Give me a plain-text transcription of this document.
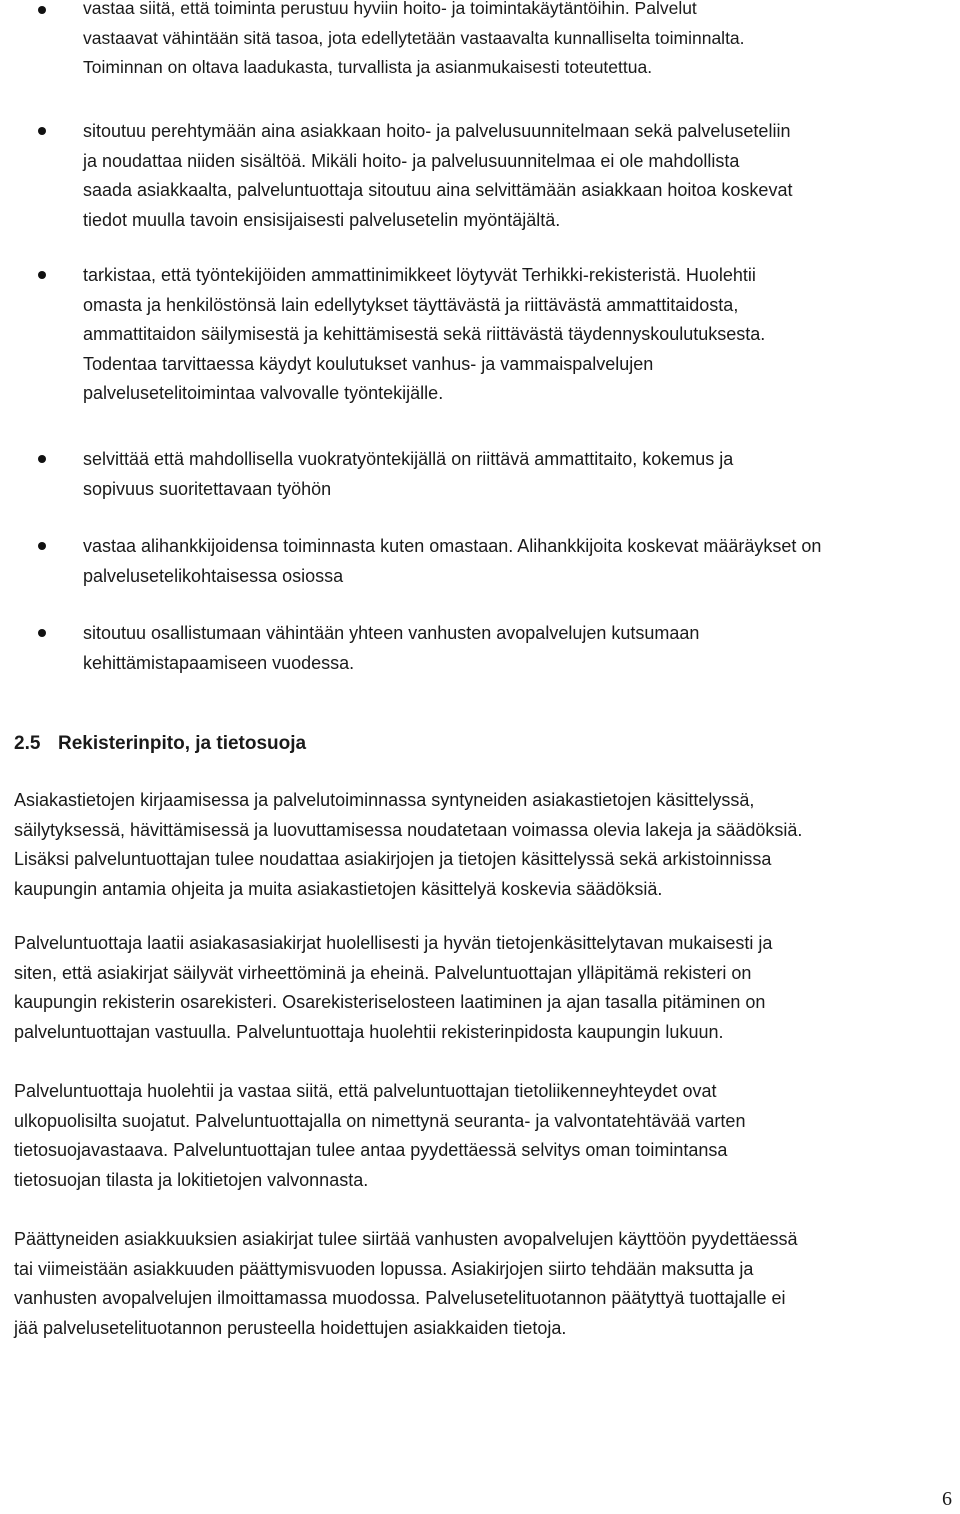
vastaa siitä, että toiminta perustuu hyviin hoito- ja toimintakäytäntöihin. Palvelut
vastaavat vähintään sitä tasoa, jota edellytetään vastaavalta kunnalliselta toiminnalta.
Toiminnan on oltava laadukasta, turvallista ja asianmukaisesti toteutettua.

sitoutuu perehtymään aina asiakkaan hoito- ja palvelusuunnitelmaan sekä palveluseteliin
ja noudattaa niiden sisältöä. Mikäli hoito- ja palvelusuunnitelmaa ei ole mahdollista
saada asiakkaalta, palveluntuottaja sitoutuu aina selvittämään asiakkaan hoitoa koskevat
tiedot muulla tavoin ensisijaisesti palvelusetelin myöntäjältä.

tarkistaa, että työntekijöiden ammattinimikkeet löytyvät Terhikki-rekisteristä. Huolehtii
omasta ja henkilöstönsä lain edellytykset täyttävästä ja riittävästä ammattitaidosta,
ammattitaidon säilymisestä ja kehittämisestä sekä riittävästä täydennyskoulutuksesta.
Todentaa tarvittaessa käydyt koulutukset vanhus- ja vammaispalvelujen
palvelusetelitoimintaa valvovalle työntekijälle.

selvittää että mahdollisella vuokratyöntekijällä on riittävä ammattitaito, kokemus ja
sopivuus suoritettavaan työhön

vastaa alihankkijoidensa toiminnasta kuten omastaan. Alihankkijoita koskevat määräykset on
palvelusetelikohtaisessa osiossa

sitoutuu osallistumaan vähintään yhteen vanhusten avopalvelujen kutsumaan
kehittämistapaamiseen vuodessa.

2.5 Rekisterinpito, ja tietosuoja

Asiakastietojen kirjaamisessa ja palvelutoiminnassa syntyneiden asiakastietojen käsittelyssä,
säilytyksessä, hävittämisessä ja luovuttamisessa noudatetaan voimassa olevia lakeja ja säädöksiä.
Lisäksi palveluntuottajan tulee noudattaa asiakirjojen ja tietojen käsittelyssä sekä arkistoinnissa
kaupungin antamia ohjeita ja muita asiakastietojen käsittelyä koskevia säädöksiä.

Palveluntuottaja laatii asiakasasiakirjat huolellisesti ja hyvän tietojenkäsittelytavan mukaisesti ja
siten, että asiakirjat säilyvät virheettöminä ja eheinä. Palveluntuottajan ylläpitämä rekisteri on
kaupungin rekisterin osarekisteri. Osarekisteriselosteen laatiminen ja ajan tasalla pitäminen on
palveluntuottajan vastuulla. Palveluntuottaja huolehtii rekisterinpidosta kaupungin lukuun.

Palveluntuottaja huolehtii ja vastaa siitä, että palveluntuottajan tietoliikenneyhteydet ovat
ulkopuolisilta suojatut. Palveluntuottajalla on nimettynä seuranta- ja valvontatehtävää varten
tietosuojavastaava. Palveluntuottajan tulee antaa pyydettäessä selvitys oman toimintansa
tietosuojan tilasta ja lokitietojen valvonnasta.

Päättyneiden asiakkuuksien asiakirjat tulee siirtää vanhusten avopalvelujen käyttöön pyydettäessä
tai viimeistään asiakkuuden päättymisvuoden lopussa. Asiakirjojen siirto tehdään maksutta ja
vanhusten avopalvelujen ilmoittamassa muodossa. Palvelusetelituotannon päätyttyä tuottajalle ei
jää palvelusetelituotannon perusteella hoidettujen asiakkaiden tietoja.

6
